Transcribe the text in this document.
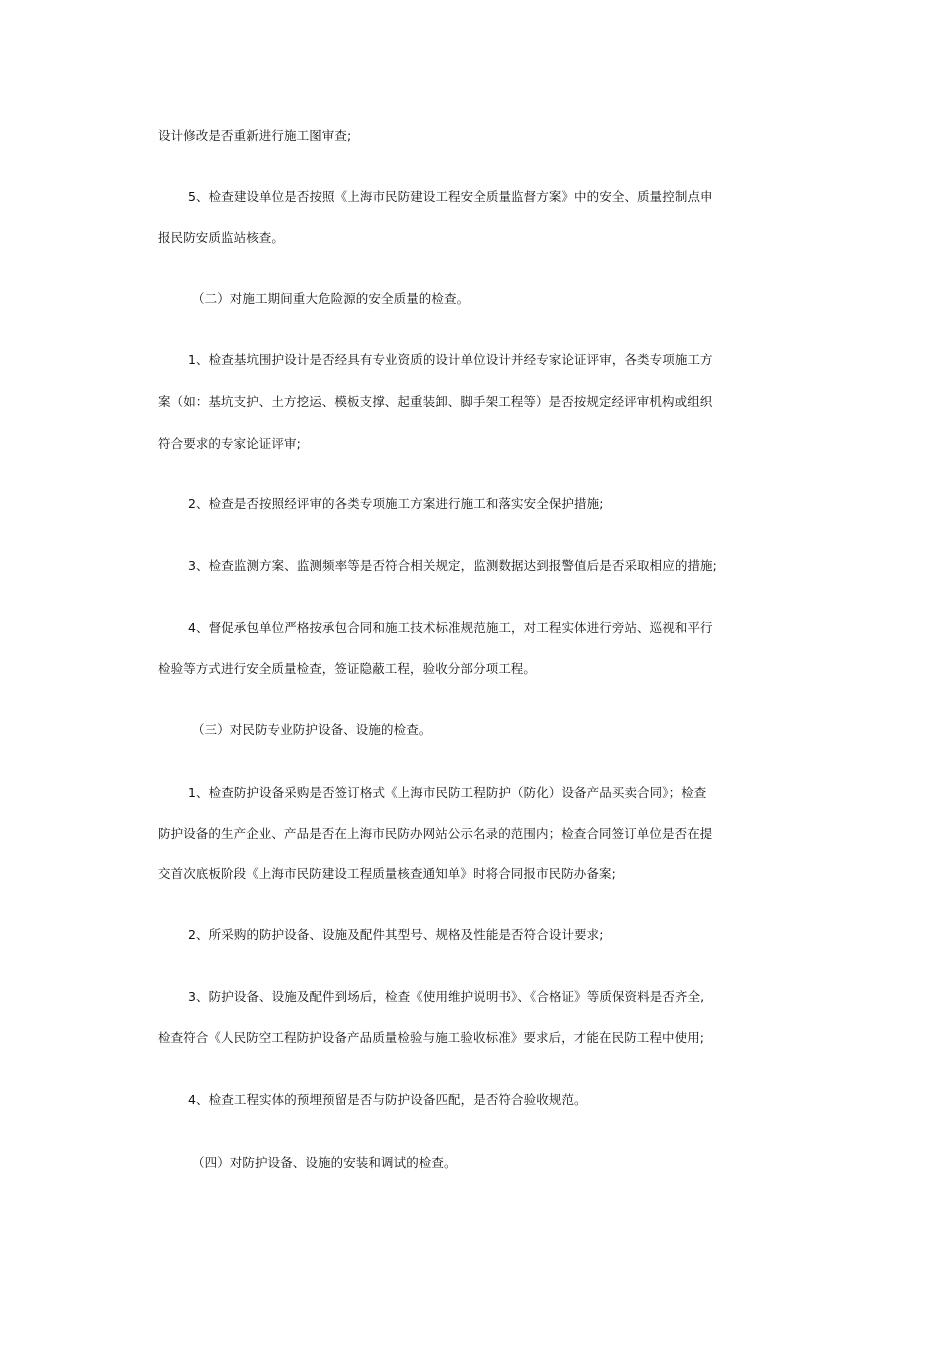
设计修改是否重新进行施工图审查;
5、检查建设单位是否按照《上海市民防建设工程安全质量监督方案》中的安全、质量控制点申
报民防安质监站核查。
（二）对施工期间重大危险源的安全质量的检查。
1、检查基坑围护设计是否经具有专业资质的设计单位设计并经专家论证评审，各类专项施工方
案（如：基坑支护、土方挖运、模板支撑、起重装卸、脚手架工程等）是否按规定经评审机构或组织
符合要求的专家论证评审;
2、检查是否按照经评审的各类专项施工方案进行施工和落实安全保护措施;
3、检查监测方案、监测频率等是否符合相关规定，监测数据达到报警值后是否采取相应的措施;
4、督促承包单位严格按承包合同和施工技术标准规范施工，对工程实体进行旁站、巡视和平行
检验等方式进行安全质量检查，签证隐蔽工程，验收分部分项工程。
（三）对民防专业防护设备、设施的检查。
1、检查防护设备采购是否签订格式《上海市民防工程防护（防化）设备产品买卖合同》；检查
防护设备的生产企业、产品是否在上海市民防办网站公示名录的范围内；检查合同签订单位是否在提
交首次底板阶段《上海市民防建设工程质量核查通知单》时将合同报市民防办备案;
2、所采购的防护设备、设施及配件其型号、规格及性能是否符合设计要求;
3、防护设备、设施及配件到场后，检查《使用维护说明书》、《合格证》等质保资料是否齐全,
检查符合《人民防空工程防护设备产品质量检验与施工验收标准》要求后，才能在民防工程中使用;
4、检查工程实体的预埋预留是否与防护设备匹配，是否符合验收规范。
（四）对防护设备、设施的安装和调试的检查。
